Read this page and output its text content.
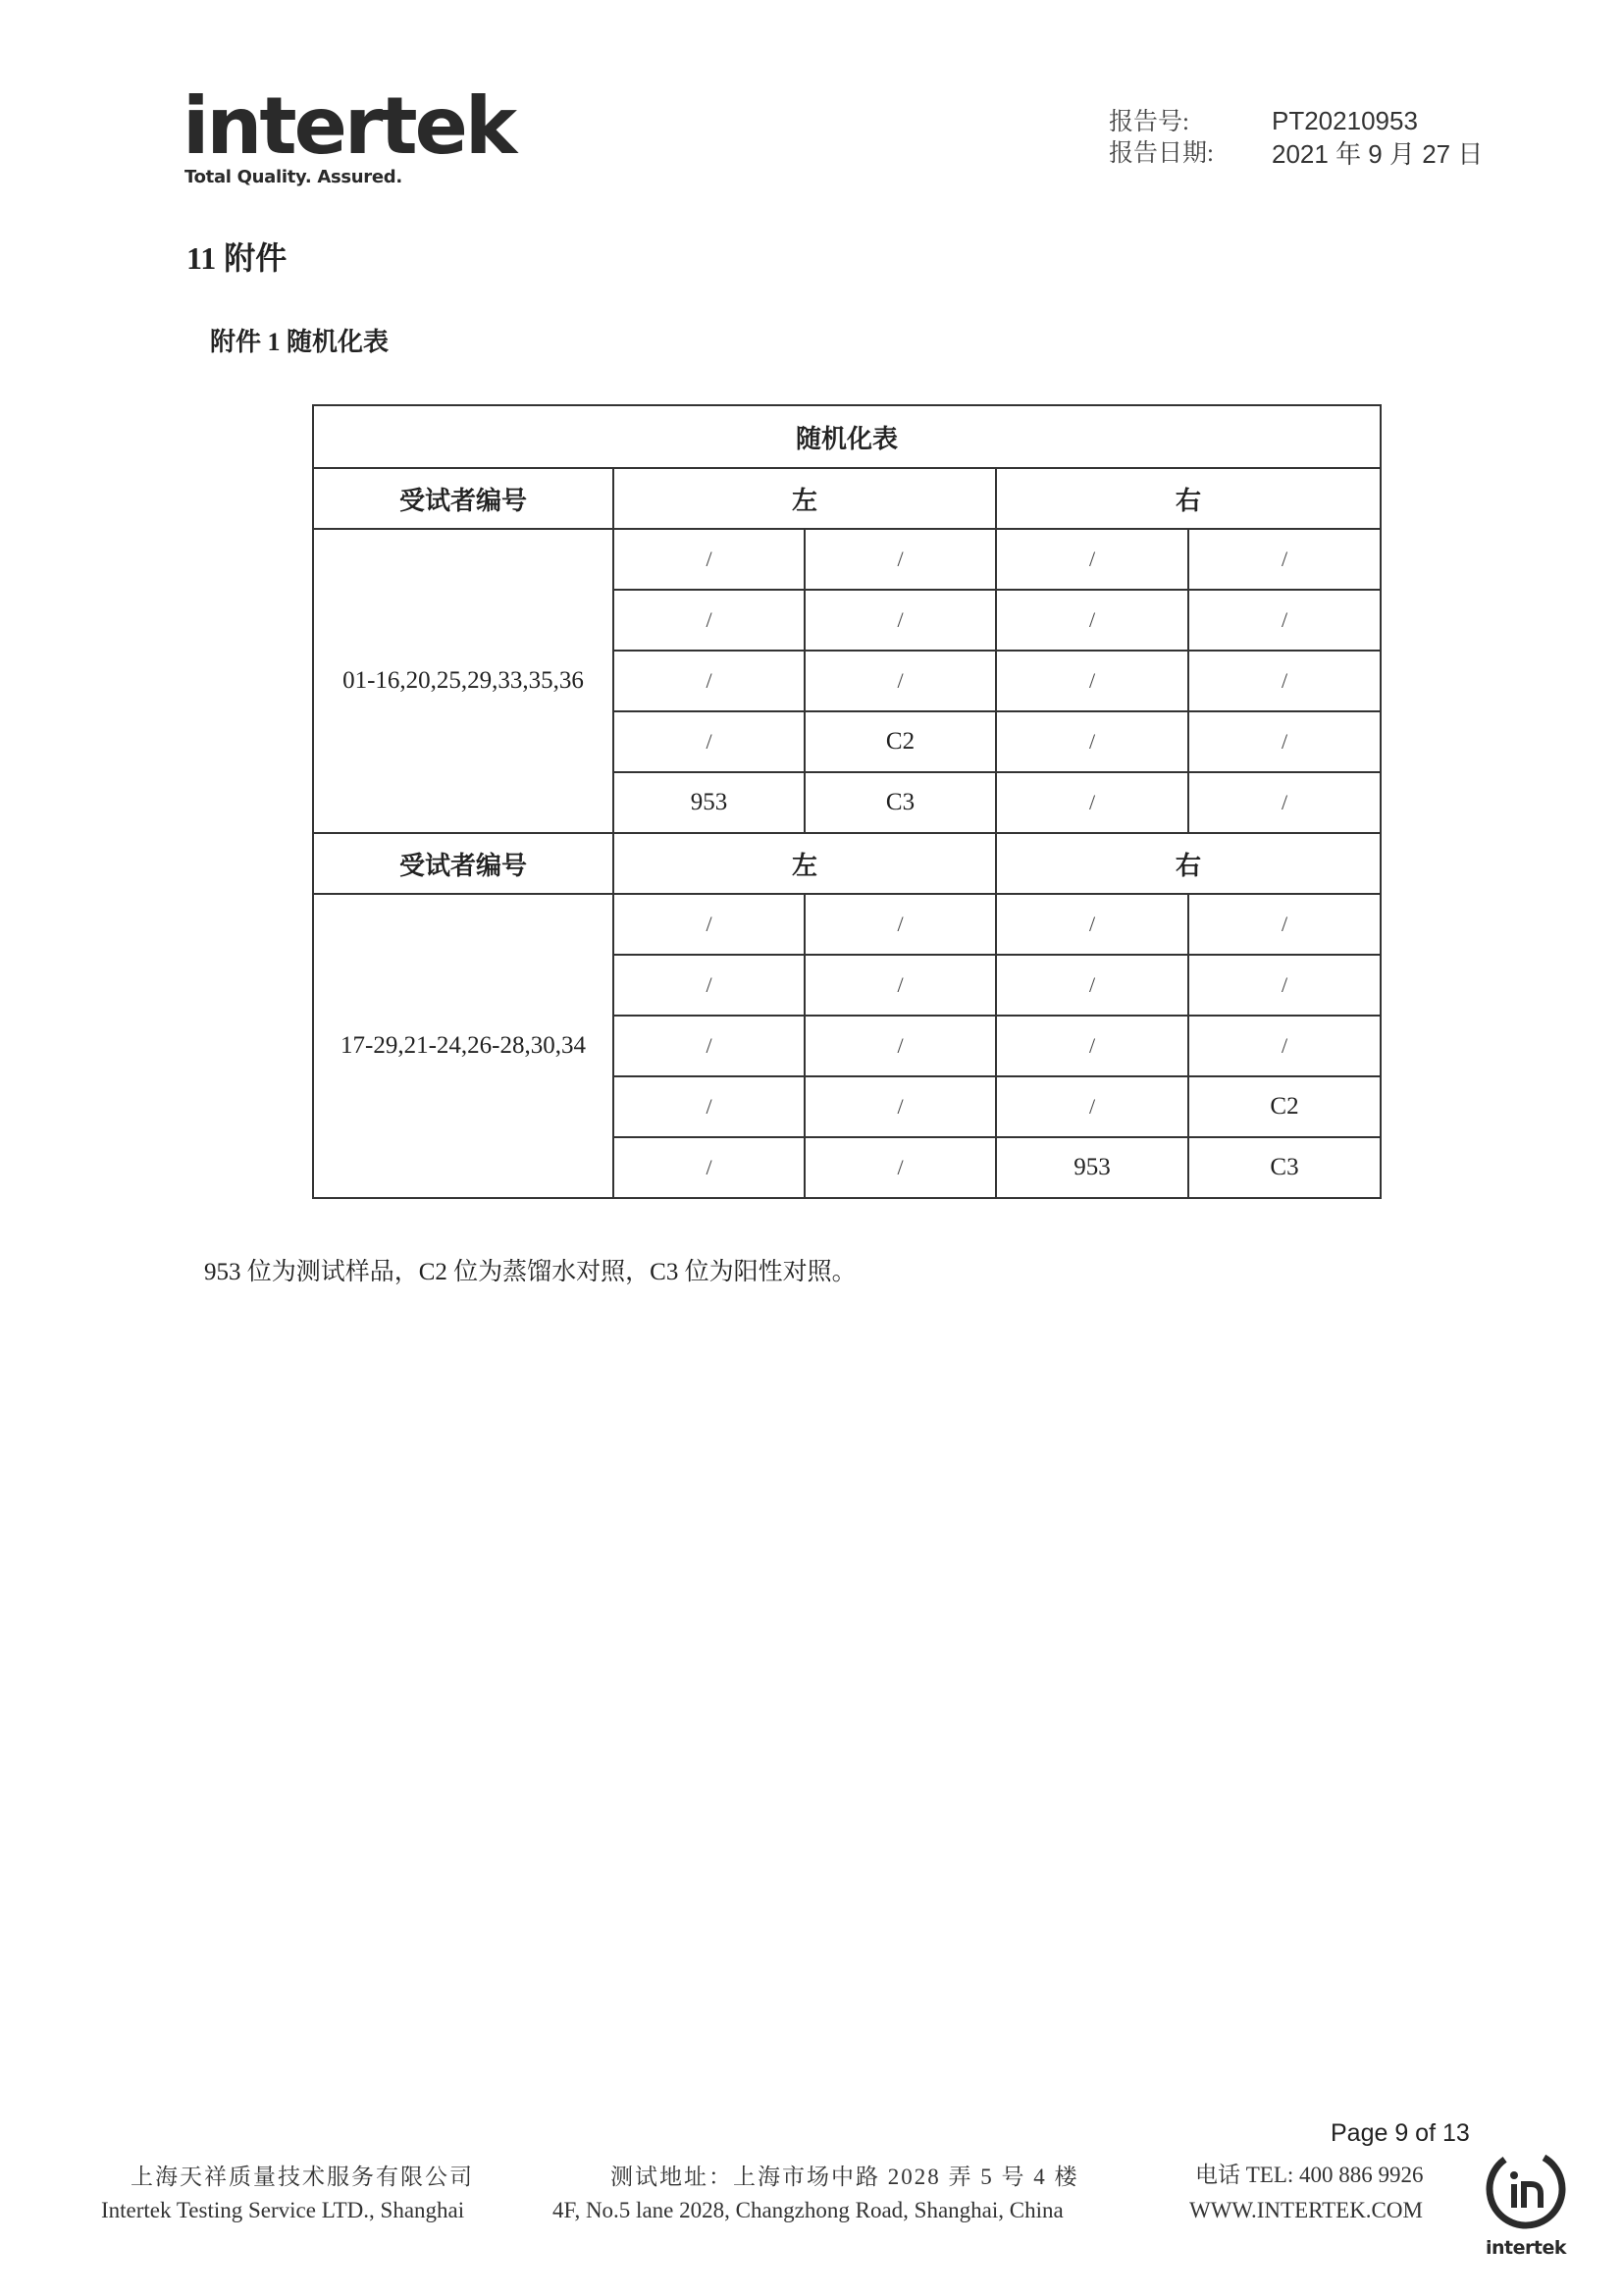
intertek
Total Quality. Assured.
报告号:	PT20210953
报告日期: 2021 年 9 月 27 日
11 附件
附件 1 随机化表
随机化表				
受试者编号	左		右	
01-16,20,25,29,33,35,36	/	/	/	/
	/	/	/	/
	/	/	/	/
	/	C2	/	/
	953	C3	/	/
受试者编号	左		右	
17-29,21-24,26-28,30,34	/	/	/	/
	/	/	/	/
	/	/	/	/
	/	/	/	C2
	/	/	953	C3
953 位为测试样品，C2 位为蒸馏水对照，C3 位为阳性对照。
Page 9 of 13
上海天祥质量技术服务有限公司
Intertek Testing Service LTD., Shanghai
测试地址：上海市场中路 2028 弄 5 号 4 楼
4F, No.5 lane 2028, Changzhong Road, Shanghai, China
电话 TEL: 400 886 9926
WWW.INTERTEK.COM
intertek
